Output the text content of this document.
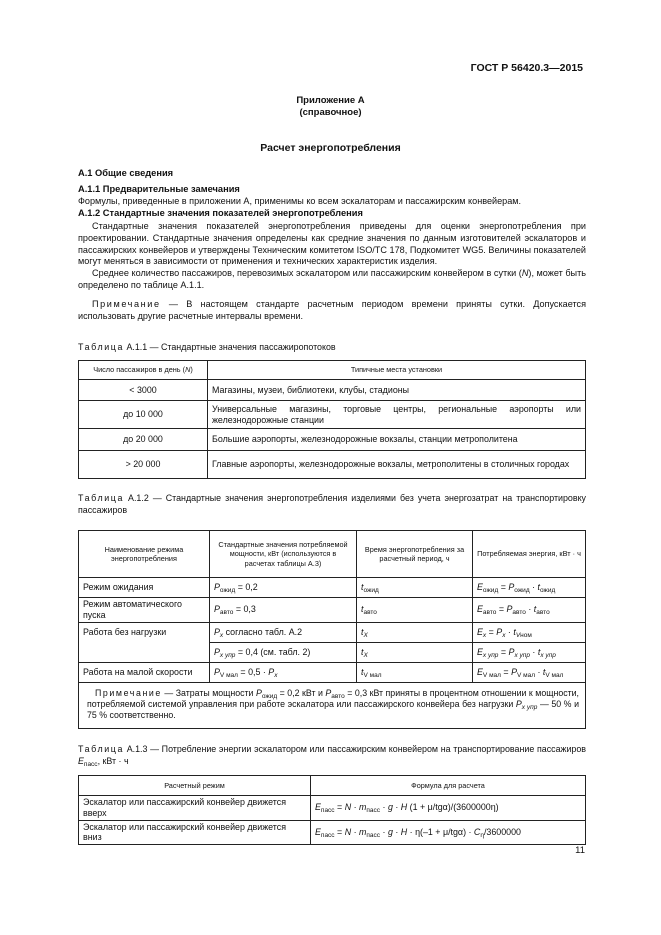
ГОСТ Р 56420.3—2015
Приложение А
(справочное)
Расчет энергопотребления
А.1 Общие сведения
А.1.1 Предварительные замечания
Формулы, приведенные в приложении А, применимы ко всем эскалаторам и пассажирским конвейерам.
А.1.2 Стандартные значения показателей энергопотребления
Стандартные значения показателей энергопотребления приведены для оценки энергопотребления при проектировании. Стандартные значения определены как средние значения по данным изготовителей эскалаторов и пассажирских конвейеров и утверждены Техническим комитетом ISO/TC 178, Подкомитет WG5. Величины показателей могут меняться в зависимости от применения и технических характеристик изделия.
Среднее количество пассажиров, перевозимых эскалатором или пассажирским конвейером в сутки (N), может быть определено по таблице А.1.1.
Примечание — В настоящем стандарте расчетным периодом времени приняты сутки. Допускается использовать другие расчетные интервалы времени.
Таблица А.1.1 — Стандартные значения пассажиропотоков
Число пассажиров в день (N)	Типичные места установки
< 3000	Магазины, музеи, библиотеки, клубы, стадионы
до 10 000	Универсальные магазины, торговые центры, региональные аэропорты или железнодорожные станции
до 20 000	Большие аэропорты, железнодорожные вокзалы, станции метрополитена
> 20 000	Главные аэропорты, железнодорожные вокзалы, метрополитены в столичных городах
Таблица А.1.2 — Стандартные значения энергопотребления изделиями без учета энергозатрат на транспортировку пассажиров
Наименование режима энергопотребления	Стандартные значения потребляемой мощности, кВт (используются в расчетах таблицы А.3)	Время энергопотребления за расчетный период, ч	Потребляемая энергия, кВт · ч
Режим ожидания	$P_{ожид} = 0,2$	$t_{ожид}$	$E_{ожид} = P_{ожид} \cdot t_{ожид}$
Режим автоматического пуска	$P_{авто} = 0,3$	$t_{авто}$	$E_{авто} = P_{авто} \cdot t_{авто}$
Работа без нагрузки	$P_x$ согласно табл. А.2	$t_X$	$E_x = P_x \cdot t_{Vном}$
	$P_{x упр} = 0,4$ (см. табл. 2)	$t_X$	$E_{x упр} = P_{x упр} \cdot t_{x упр}$
Работа на малой скорости	$P_{V мал} = 0,5 \cdot P_x$	$t_{V мал}$	$E_{V мал} = P_{V мал} \cdot t_{V мал}$
Примечание — Затраты мощности $P_{ожид} = 0,2$ кВт и $P_{авто} = 0,3$ кВт приняты в процентном отношении к мощности, потребляемой системой управления при работе эскалатора или пассажирского конвейера без нагрузки $P_{x упр}$ — 50 % и 75 % соответственно.			
Таблица А.1.3 — Потребление энергии эскалатором или пассажирским конвейером на транспортирование пассажиров $E_{пасс}$, кВт · ч
Расчетный режим	Формула для расчета
Эскалатор или пассажирский конвейер движется вверх	$E_{пасс} = N \cdot m_{пасс} \cdot g \cdot H$ (1 + μ/tgα)/(3600000η)
Эскалатор или пассажирский конвейер движется вниз	$E_{пасс} = N \cdot m_{пасс} \cdot g \cdot H \cdot \eta(-1 + \mu/tg\alpha) \cdot C_\eta/3600000$
11
